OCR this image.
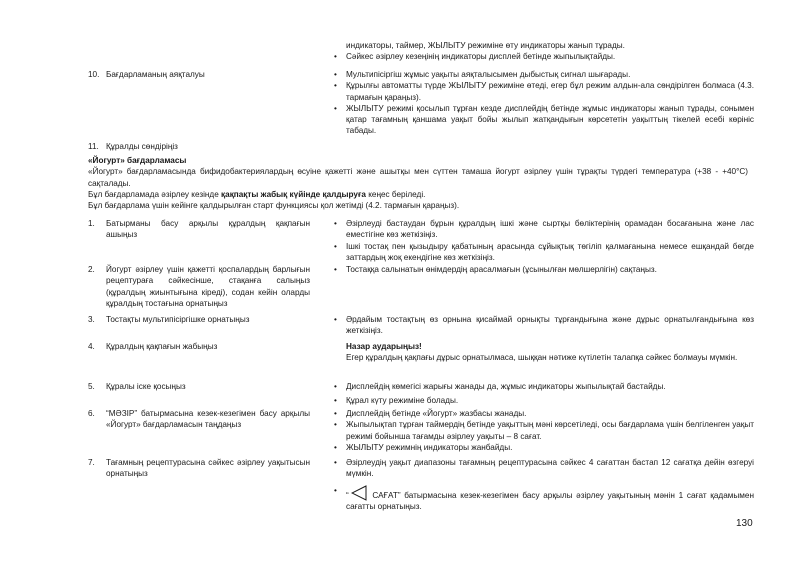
индикаторы, таймер, ЖЫЛЫТУ режиміне өту индикаторы жанып тұрады.

• Сәйкес әзірлеу кезеңінің индикаторы дисплей бетінде жыпылықтайды.

10. Бағдарламаның аяқталуы	• Мультипісіргіш жұмыс уақыты аяқталысымен дыбыстық сигнал шығарады.

• Құрылғы автоматты түрде ЖЫЛЫТУ режиміне өтеді, егер бұл режим алдын-ала сөндірілген болмаса (4.3. тармағын қараңыз).

• ЖЫЛЫТУ режимі қосылып тұрған кезде дисплейдің бетінде жұмыс индикаторы жанып тұрады, сонымен қатар тағамның қаншама уақыт бойы жылып жатқандығын көрсететін уақыттың тікелей есебі көрініс табады.

11. Құралды сөндіріңіз
«Йогурт» бағдарламасы
«Йогурт» бағдарламасында бифидобактериялардың өсуіне қажетті және ашытқы мен сүттен тамаша йогурт әзірлеу үшін тұрақты түрдегі температура (+38 - +40°С) сақталады.
Бұл бағдарламада әзірлеу кезінде қақпақты жабық күйінде қалдыруға кеңес беріледі.
Бұл бағдарлама үшін кейінге қалдырылған старт функциясы қол жетімді (4.2. тармағын қараңыз).
1.	Батырманы басу арқылы құралдың қақпағын ашыңыз

• Әзірлеуді бастаудан бұрын құралдың ішкі және сыртқы бөліктерінің орамадан босағанына және лас еместігіне көз жеткізіңіз.

• Ішкі тостақ пен қызыдыру қабатының арасында сұйықтық төгіліп қалмағанына немесе ешқандай бөгде заттардың жоқ екендігіне көз жеткізіңіз.

2.	Йогурт әзірлеу үшін қажетті қоспалардың барлығын рецептураға сәйкесінше, стақанға салыңыз (құралдың жиынтығына кіреді), содан кейін оларды құралдың тостағына орнатыңыз

• Тостаққа салынатын өнімдердің арасалмағын (ұсынылған мөлшерлігін) сақтаңыз.

3.	Тостақты мультипісіргішке орнатыңыз	• Әрдайым тостақтың өз орнына қисаймай орнықты тұрғандығына және дұрыс орнатылғандығына көз жеткізіңіз.

4.	Құралдың қақпағын жабыңыз	Назар аударыңыз!
Егер құралдың қақпағы дұрыс орнатылмаса, шыққан нәтиже күтілетін талапқа сәйкес болмауы мүмкін.
5.	Құралы іске қосыңыз	• Дисплейдің көмегісі жарығы жанады да, жұмыс индикаторы жыпылықтай бастайды.

• Құрал күту режиміне болады.

6.	“МӘЗІР” батырмасына кезек-кезегімен басу арқылы «Йогурт» бағдарламасын таңдаңыз

• Дисплейдің бетінде «Йогурт» жазбасы жанады.

• Жыпылықтап тұрған таймердің бетінде уақыттың мәні көрсетіледі, осы бағдарлама үшін белгіленген уақыт режимі бойынша тағамды әзірлеу уақыты – 8 сағат.

• ЖЫЛЫТУ режимнің индикаторы жанбайды.

7.	Тағамның рецептурасына сәйкес әзірлеу уақытысын орнатыңыз

• Әзірлеудің уақыт диапазоны тағамның рецептурасына сәйкес 4 сағаттан бастап 12 сағатқа дейін өзгеруі мүмкін.

• “ САҒАТ” батырмасына кезек-кезегімен басу арқылы әзірлеу уақытының мәнін 1 сағат қадамымен сағатты орнатыңыз.

130
